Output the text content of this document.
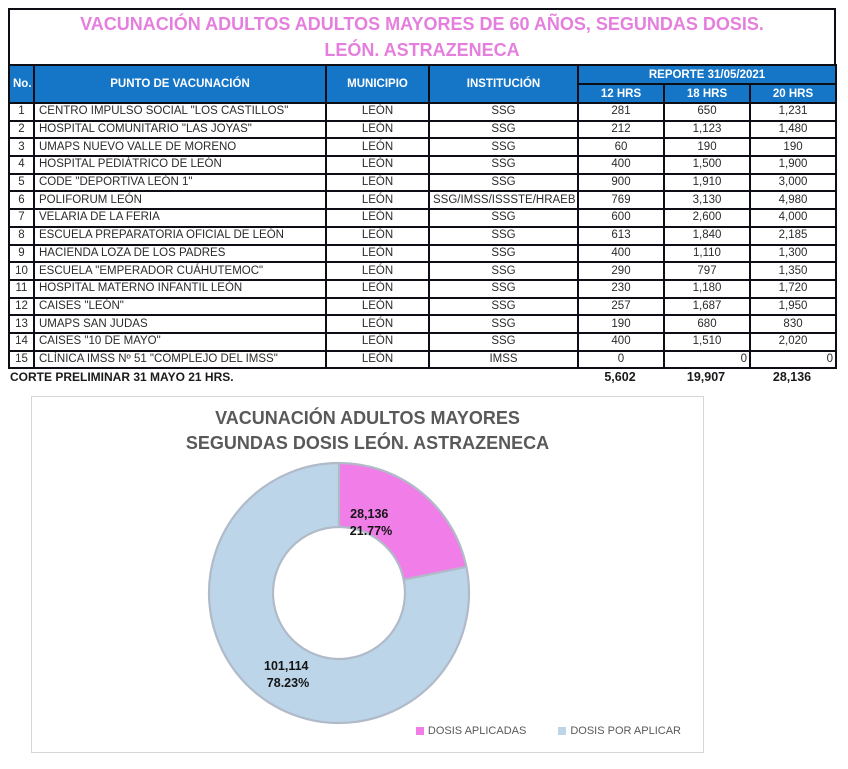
VACUNACIÓN ADULTOS ADULTOS MAYORES DE 60 AÑOS, SEGUNDAS DOSIS.
LEÓN. ASTRAZENECA
No.	PUNTO DE VACUNACIÓN	MUNICIPIO	INSTITUCIÓN	REPORTE 31/05/2021		
				12 HRS	18 HRS	20 HRS
1	CENTRO IMPULSO SOCIAL "LOS CASTILLOS"	LEÓN	SSG	281	650	1,231
2	HOSPITAL COMUNITARIO "LAS JOYAS"	LEÓN	SSG	212	1,123	1,480
3	UMAPS NUEVO VALLE DE MORENO	LEÓN	SSG	60	190	190
4	HOSPITAL PEDIÁTRICO DE LEÓN	LEÓN	SSG	400	1,500	1,900
5	CODE "DEPORTIVA LEÓN 1"	LEÓN	SSG	900	1,910	3,000
6	POLIFORUM LEÓN	LEÓN	SSG/IMSS/ISSSTE/HRAEB	769	3,130	4,980
7	VELARIA DE LA FERIA	LEÓN	SSG	600	2,600	4,000
8	ESCUELA PREPARATORIA OFICIAL DE LEÓN	LEÓN	SSG	613	1,840	2,185
9	HACIENDA LOZA DE LOS PADRES	LEÓN	SSG	400	1,110	1,300
10	ESCUELA "EMPERADOR CUÁHUTEMOC"	LEÓN	SSG	290	797	1,350
11	HOSPITAL MATERNO INFANTIL LEÓN	LEÓN	SSG	230	1,180	1,720
12	CAISES "LEÓN"	LEÓN	SSG	257	1,687	1,950
13	UMAPS SAN JUDAS	LEÓN	SSG	190	680	830
14	CAISES "10 DE MAYO"	LEÓN	SSG	400	1,510	2,020
15	CLÍNICA IMSS Nº 51 "COMPLEJO DEL IMSS"	LEÓN	IMSS	0	0	0
CORTE PRELIMINAR 31 MAYO 21 HRS.	5,602	19,907	28,136
VACUNACIÓN ADULTOS MAYORES
SEGUNDAS DOSIS LEÓN. ASTRAZENECA
28,136 21.77%
101,114 78.23%
DOSIS APLICADAS	DOSIS POR APLICAR
